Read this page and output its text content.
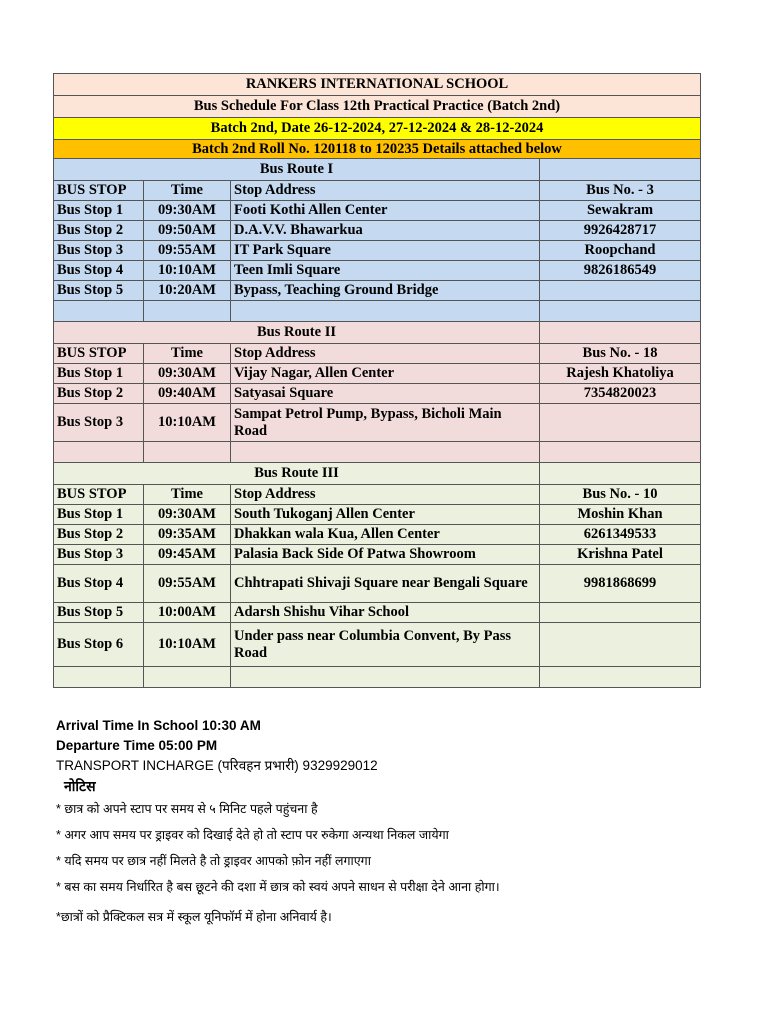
RANKERS INTERNATIONAL SCHOOL			
Bus Schedule For Class 12th Practical Practice (Batch 2nd)			
Batch 2nd, Date 26-12-2024, 27-12-2024 & 28-12-2024			
Batch 2nd Roll No. 120118 to 120235 Details attached below			
Bus Route I			
BUS STOP	Time	Stop Address	Bus No. - 3
Bus Stop 1	09:30AM	Footi Kothi Allen Center	Sewakram
Bus Stop 2	09:50AM	D.A.V.V. Bhawarkua	9926428717
Bus Stop 3	09:55AM	IT Park Square	Roopchand
Bus Stop 4	10:10AM	Teen Imli Square	9826186549
Bus Stop 5	10:20AM	Bypass, Teaching Ground Bridge	

Bus Route II			
BUS STOP	Time	Stop Address	Bus No. - 18
Bus Stop 1	09:30AM	Vijay Nagar, Allen Center	Rajesh Khatoliya
Bus Stop 2	09:40AM	Satyasai Square	7354820023
Bus Stop 3	10:10AM	Sampat Petrol Pump, Bypass, Bicholi Main Road	

Bus Route III			
BUS STOP	Time	Stop Address	Bus No. - 10
Bus Stop 1	09:30AM	South Tukoganj Allen Center	Moshin Khan
Bus Stop 2	09:35AM	Dhakkan wala Kua, Allen Center	6261349533
Bus Stop 3	09:45AM	Palasia Back Side Of Patwa Showroom	Krishna Patel
Bus Stop 4	09:55AM	Chhtrapati Shivaji Square near Bengali Square	9981868699
Bus Stop 5	10:00AM	Adarsh Shishu Vihar School	
Bus Stop 6	10:10AM	Under pass near Columbia Convent, By Pass Road	

Arrival Time In School 10:30 AM
Departure Time 05:00 PM
TRANSPORT INCHARGE (परिवहन प्रभारी) 9329929012
नोटिस
* छात्र को अपने स्टाप पर समय से ५ मिनिट पहले पहुंचना है
* अगर आप समय पर ड्राइवर को दिखाई देते हो तो स्टाप पर रुकेगा अन्यथा निकल जायेगा
* यदि समय पर छात्र नहीं मिलते है तो ड्राइवर आपको फ़ोन नहीं लगाएगा
* बस का समय निर्धारित है बस छूटने की दशा में छात्र को स्वयं अपने साधन से परीक्षा देने आना होगा।
*छात्रों को प्रैक्टिकल सत्र में स्कूल यूनिफॉर्म में होना अनिवार्य है।
